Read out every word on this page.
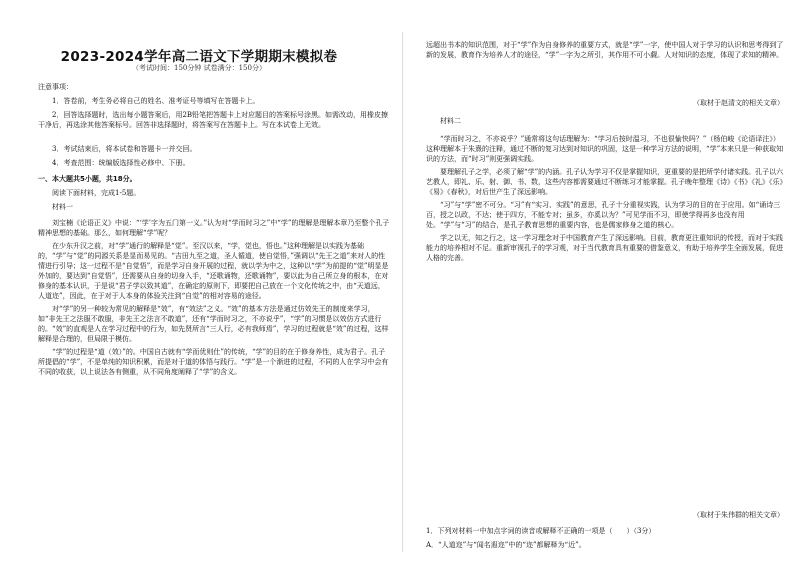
2023-2024学年高二语文下学期期末模拟卷
（考试时间：150分钟 试卷满分：150分）

注意事项：

1．答卷前，考生务必将自己的姓名、准考证号等填写在答题卡上。

2．回答选择题时，选出每小题答案后，用2B铅笔把答题卡上对应题目的答案标号涂黑。如需改动，用橡皮擦干净后，再选涂其他答案标号。回答非选择题时，将答案写在答题卡上。写在本试卷上无效。

3．考试结束后，将本试卷和答题卡一并交回。

4．考查范围：统编版选择性必修中、下册。

一、本大题共5小题，共18分。

阅读下面材料，完成1-5题。

材料一

刘宝楠《论语正义》中说：“‘学’字为五门第一义。”认为对“学而时习之”中“学”的理解是理解本章乃至整个孔子精神思想的基础。那么，如何理解“学”呢？

在少东升汉之前，对“学”通行的解释是“觉”。至汉以来，“学，觉也，悟也。”这种理解是以实践为基础的，“学”与“觉”的同源关系是显而易见的。“吉田九至之道，圣人循道，使自觉悟，”强调以“先王之道”来对人的性情进行引导；这一过程不是“自觉悟”，而是学习自身开展的过程，就以学为中之，这种以“学”为前提的“觉”明显是外加的，要达到“自觉悟”，还需要从自身的切身入手，“还歌诵物，还歌诵物”，要以此为自己所立身的根本，在对修身的基本认识，于是说“君子学以致其道”，在确定的原则下，即要把自己放在一个文化传统之中，由“天道远，人道迩”，因此，在于对于人本身的体验关注到“自觉”的相对容易的途径。

对“学”的另一种较为常见的解释是“效”，有“效法”之义。“效”的基本方法是通过仿效先王的制度来学习，如“非先王之法服不敢服，非先王之法言不敢道”，还有“学而时习之，不亦说乎”，“学”的习惯是以效仿方式进行的。“效”的直观是人在学习过程中的行为，如先贤所言“三人行，必有我师焉”，学习的过程就是“效”的过程，这样解释是合理的，但局限于模仿。

“学”的过程是“道（效）”的。中国自古就有“学而优则仕”的传统，“学”的目的在于修身养性，成为君子。孔子所提倡的“学”，不是单纯的知识积累，而是对于道的体悟与践行。“学”是一个渐进的过程，不同的人在学习中会有不同的收获，以上说法各有侧重，从不同角度阐释了“学”的含义。

远超出书本的知识范围，对于“学”作为自身修养的重要方式，就是“学”一字，使中国人对于学习的认识和思考得到了新的发展，教育作为培养人才的途径，“学”一字为之所引，其作用不可小觑。人对知识的态度，体现了求知的精神。

（取材于赵清文的相关文章）

材料二

“学而时习之，不亦说乎？”通常将这句话理解为：“学习后按时温习，不也很愉快吗？”（杨伯峻《论语译注》）这种理解本于朱熹的注释，通过不断的复习达到对知识的巩固，这是一种学习方法的说明，“学”本来只是一种获取知识的方法，而“时习”则更强调实践。

要理解孔子之学，必须了解“学”的内涵。孔子认为学习不仅是掌握知识，更重要的是把所学付诸实践。孔子以六艺教人，即礼、乐、射、御、书、数，这些内容都需要通过不断练习才能掌握。孔子晚年整理《诗》《书》《礼》《乐》《易》《春秋》，对后世产生了深远影响。

“习”与“学”密不可分。“习”有“实习、实践”的意思，孔子十分重视实践，认为学习的目的在于应用。如“诵诗三百，授之以政，不达；使于四方，不能专对；虽多，亦奚以为？”可见学而不习，即使学得再多也没有用处。“学”与“习”的结合，是孔子教育思想的重要内容，也是儒家修身之道的核心。

学之以无，知之行之，这一学习理念对于中国教育产生了深远影响。目前，教育更注重知识的传授，而对于实践能力的培养相对不足。重新审视孔子的学习观，对于当代教育具有重要的借鉴意义，有助于培养学生全面发展，促进人格的完善。

（取材于朱伟群的相关文章）
1．下列对材料一中加点字词的读音或解释不正确的一项是（　　）（3分）
A．“人道迩”与“闻名遐迩”中的“迩”都解释为“近”。
